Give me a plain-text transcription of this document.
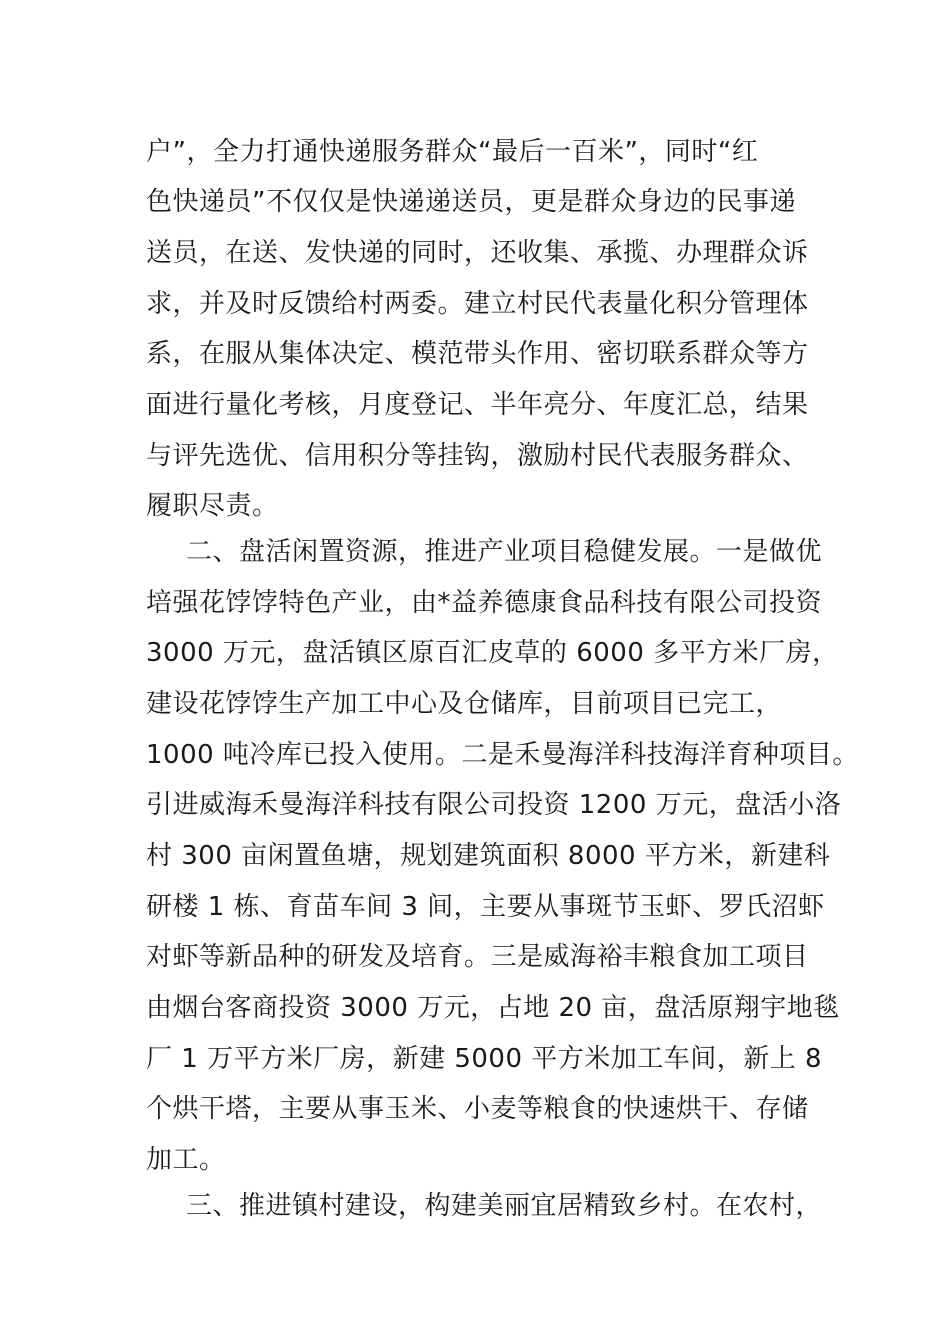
户”，全力打通快递服务群众“最后一百米”，同时“红
色快递员”不仅仅是快递递送员，更是群众身边的民事递
送员，在送、发快递的同时，还收集、承揽、办理群众诉
求，并及时反馈给村两委。建立村民代表量化积分管理体
系，在服从集体决定、模范带头作用、密切联系群众等方
面进行量化考核，月度登记、半年亮分、年度汇总，结果
与评先选优、信用积分等挂钩，激励村民代表服务群众、
履职尽责。
二、盘活闲置资源，推进产业项目稳健发展。一是做优
培强花饽饽特色产业，由*益养德康食品科技有限公司投资
3000 万元，盘活镇区原百汇皮草的 6000 多平方米厂房，
建设花饽饽生产加工中心及仓储库，目前项目已完工，
1000 吨冷库已投入使用。二是禾曼海洋科技海洋育种项目。
引进威海禾曼海洋科技有限公司投资 1200 万元，盘活小洛
村 300 亩闲置鱼塘，规划建筑面积 8000 平方米，新建科
研楼 1 栋、育苗车间 3 间，主要从事斑节玉虾、罗氏沼虾
对虾等新品种的研发及培育。三是威海裕丰粮食加工项目
由烟台客商投资 3000 万元，占地 20 亩，盘活原翔宇地毯
厂 1 万平方米厂房，新建 5000 平方米加工车间，新上 8
个烘干塔，主要从事玉米、小麦等粮食的快速烘干、存储
加工。
三、推进镇村建设，构建美丽宜居精致乡村。在农村，
